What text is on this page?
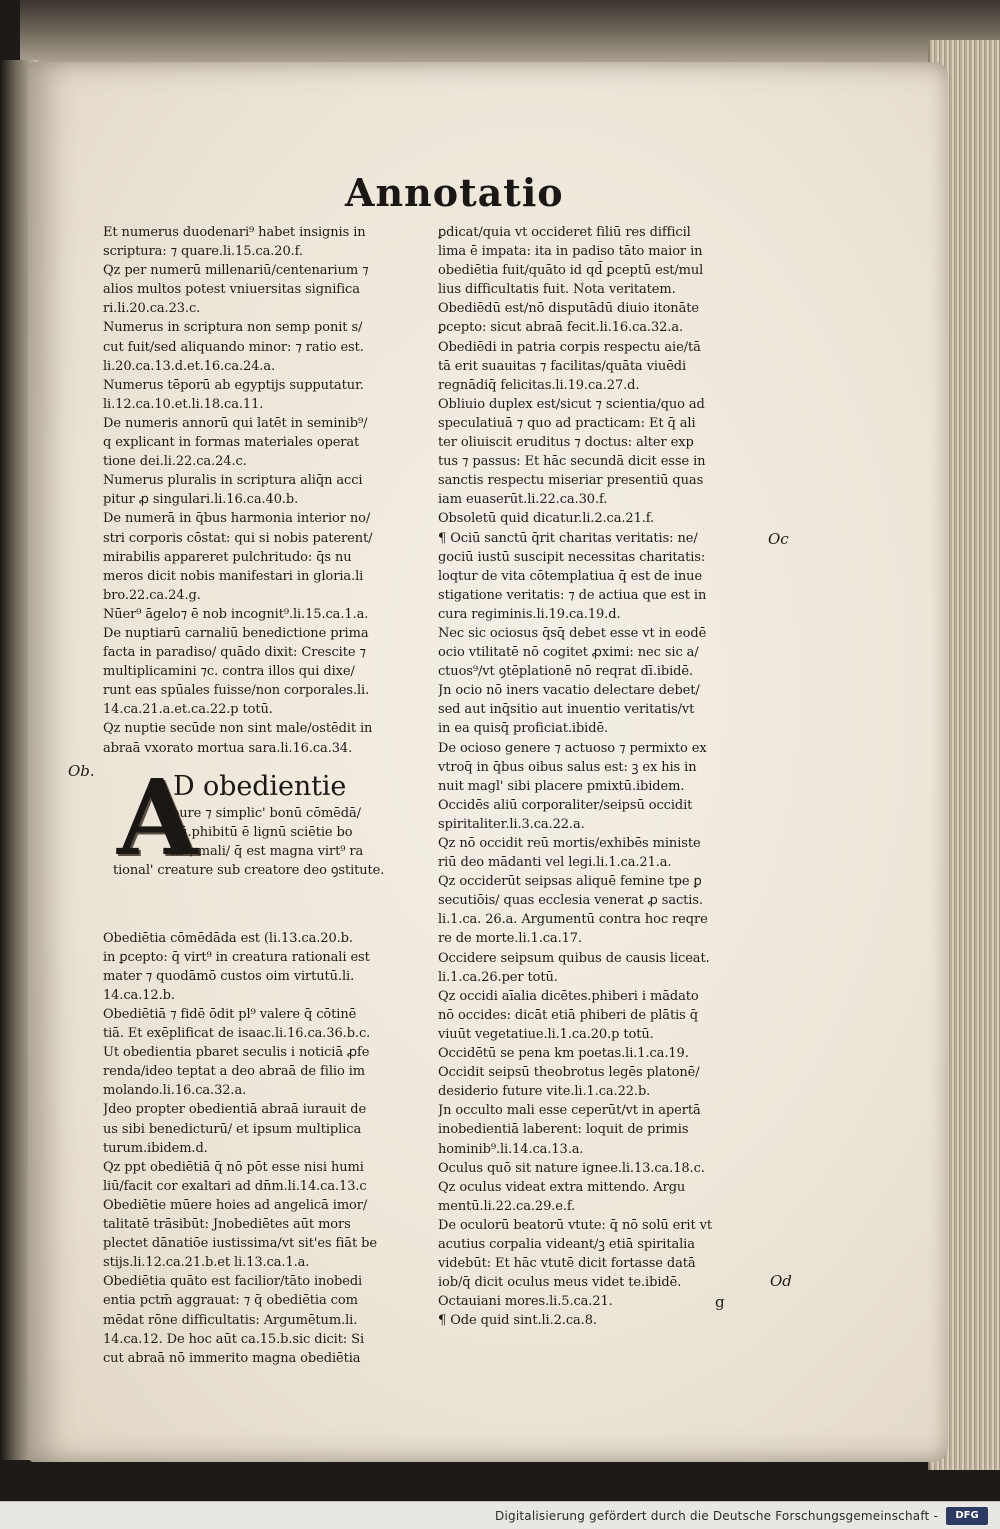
Annotatio
Et numerus duodenari⁹ habet insignis in
scriptura: ⁊ quare.li.15.ca.20.f.
Qz per numerū millenariū/centenarium ⁊
alios multos potest vniuersitas significa
ri.li.20.ca.23.c.
Numerus in scriptura non semp ponit s/
cut fuit/sed aliquando minor: ⁊ ratio est.
li.20.ca.13.d.et.16.ca.24.a.
Numerus tēporū ab egyptijs supputatur.
li.12.ca.10.et.li.18.ca.11.
De numeris annorū qui latēt in seminib⁹/
q explicant in formas materiales operat
tione dei.li.22.ca.24.c.
Numerus pluralis in scriptura aliq̄n acci
pitur ꝓ singulari.li.16.ca.40.b.
De numerā in q̄bus harmonia interior no/
stri corporis cōstat: qui si nobis paterent/
mirabilis appareret pulchritudo: q̄s nu
meros dicit nobis manifestari in gloria.li
bro.22.ca.24.g.
Nūer⁹ āgelo⁊ ē nob incognit⁹.li.15.ca.1.a.
De nuptiarū carnaliū benedictione prima
facta in paradiso/ quādo dixit: Crescite ⁊
multiplicamini ⁊c. contra illos qui dixe/
runt eas spūales fuisse/non corporales.li.
14.ca.21.a.et.ca.22.p totū.
Qz nuptie secūde non sint male/ostēdit in
abraā vxorato mortua sara.li.16.ca.34.
A
D obedientie
pure ⁊ simplic' bonū cōmēdā/
dū.phibitū ē lignū sciētie bo
ni ⁊ mali/ q̄ est magna virt⁹ ra
tional' creature sub creatore deo ꝯstitute.
Obediētia cōmēdāda est (li.13.ca.20.b.
in ꝑcepto: q̄ virt⁹ in creatura rationali est
mater ⁊ quodāmō custos oim virtutū.li.
14.ca.12.b.
Obediētiā ⁊ fidē ōdit pl⁹ valere q̄ cōtinē
tiā. Et exēplificat de isaac.li.16.ca.36.b.c.
Ut obedientia pbaret seculis i noticiā ꝓfe
renda/ideo teptat a deo abraā de filio im
molando.li.16.ca.32.a.
Jdeo propter obedientiā abraā iurauit de
us sibi benedicturū/ et ipsum multiplica
turum.ibidem.d.
Qz ppt obediētiā q̄ nō pōt esse nisi humi
liū/facit cor exaltari ad dn̄m.li.14.ca.13.c
Obediētie mūere hoies ad angelicā imor/
talitatē trāsibūt: Jnobediētes aūt mors
plectet dānatiōe iustissima/vt sit'es fiāt be
stijs.li.12.ca.21.b.et li.13.ca.1.a.
Obediētia quāto est facilior/tāto inobedi
entia pctm̄ aggrauat: ⁊ q̄ obediētia com
mēdat rōne difficultatis: Argumētum.li.
14.ca.12. De hoc aūt ca.15.b.sic dicit: Si
cut abraā nō immerito magna obediētia
ꝑdicat/quia vt occideret filiū res difficil
lima ē impata: ita in padiso tāto maior in
obediētia fuit/quāto id qd̄ ꝑceptū est/mul
lius difficultatis fuit. Nota veritatem.
Obediēdū est/nō disputādū diuio itonāte
ꝑcepto: sicut abraā fecit.li.16.ca.32.a.
Obediēdi in patria corpis respectu aie/tā
tā erit suauitas ⁊ facilitas/quāta viuēdi
regnādiq̄ felicitas.li.19.ca.27.d.
Obliuio duplex est/sicut ⁊ scientia/quo ad
speculatiuā ⁊ quo ad practicam: Et q̄ ali
ter oliuiscit eruditus ⁊ doctus: alter exp
tus ⁊ passus: Et hāc secundā dicit esse in
sanctis respectu miseriar presentiū quas
iam euaserūt.li.22.ca.30.f.
Obsoletū quid dicatur.li.2.ca.21.f.
¶ Ociū sanctū q̄rit charitas veritatis: ne/
gociū iustū suscipit necessitas charitatis:
loqtur de vita cōtemplatiua q̄ est de inue
stigatione veritatis: ⁊ de actiua que est in
cura regiminis.li.19.ca.19.d.
Nec sic ociosus q̄sq̄ debet esse vt in eodē
ocio vtilitatē nō cogitet ꝓximi: nec sic a/
ctuos⁹/vt ꝯtēplationē nō reqrat dī.ibidē.
Jn ocio nō iners vacatio delectare debet/
sed aut inq̄sitio aut inuentio veritatis/vt
in ea quisq̄ proficiat.ibidē.
De ocioso genere ⁊ actuoso ⁊ permixto ex
vtroq̄ in q̄bus oibus salus est: ꝫ ex his in
nuit magl' sibi placere pmixtū.ibidem.
Occidēs aliū corporaliter/seipsū occidit
spiritaliter.li.3.ca.22.a.
Qz nō occidit reū mortis/exhibēs ministe
riū deo mādanti vel legi.li.1.ca.21.a.
Qz occiderūt seipsas aliquē femine tpe ꝑ
secutiōis/ quas ecclesia venerat ꝓ sactis.
li.1.ca. 26.a. Argumentū contra hoc reqre
re de morte.li.1.ca.17.
Occidere seipsum quibus de causis liceat.
li.1.ca.26.per totū.
Qz occidi aīalia dicētes.phiberi i mādato
nō occides: dicāt etiā phiberi de plātis q̄
viuūt vegetatiue.li.1.ca.20.p totū.
Occidētū se pena km poetas.li.1.ca.19.
Occidit seipsū theobrotus legēs platonē/
desiderio future vite.li.1.ca.22.b.
Jn occulto mali esse ceperūt/vt in apertā
inobedientiā laberent: loquit de primis
hominib⁹.li.14.ca.13.a.
Oculus quō sit nature ignee.li.13.ca.18.c.
Qz oculus videat extra mittendo. Argu
mentū.li.22.ca.29.e.f.
De oculorū beatorū vtute: q̄ nō solū erit vt
acutius corpalia videant/ꝫ etiā spiritalia
videbūt: Et hāc vtutē dicit fortasse datā
iob/q̄ dicit oculus meus videt te.ibidē.
Octauiani mores.li.5.ca.21.
¶ Ode quid sint.li.2.ca.8.
Ob.
Oc
Od
g
Digitalisierung gefördert durch die Deutsche Forschungsgemeinschaft -	DFG
